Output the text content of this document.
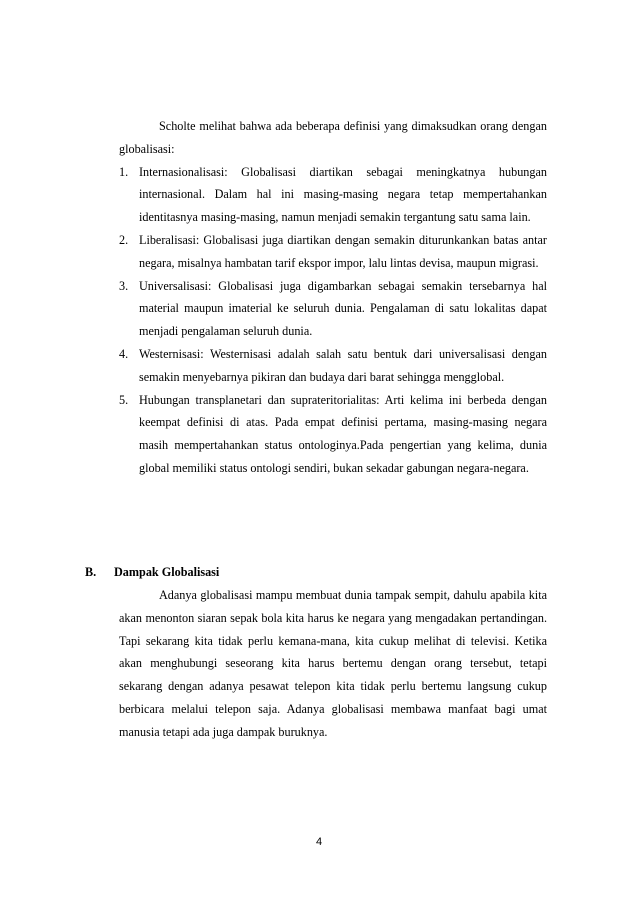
Scholte melihat bahwa ada beberapa definisi yang dimaksudkan orang dengan globalisasi:

1. Internasionalisasi: Globalisasi diartikan sebagai meningkatnya hubungan internasional. Dalam hal ini masing-masing negara tetap mempertahankan identitasnya masing-masing, namun menjadi semakin tergantung satu sama lain.
2. Liberalisasi: Globalisasi juga diartikan dengan semakin diturunkankan batas antar negara, misalnya hambatan tarif ekspor impor, lalu lintas devisa, maupun migrasi.
3. Universalisasi: Globalisasi juga digambarkan sebagai semakin tersebarnya hal material maupun imaterial ke seluruh dunia. Pengalaman di satu lokalitas dapat menjadi pengalaman seluruh dunia.
4. Westernisasi: Westernisasi adalah salah satu bentuk dari universalisasi dengan semakin menyebarnya pikiran dan budaya dari barat sehingga mengglobal.
5. Hubungan transplanetari dan suprateritorialitas: Arti kelima ini berbeda dengan keempat definisi di atas. Pada empat definisi pertama, masing-masing negara masih mempertahankan status ontologinya.Pada pengertian yang kelima, dunia global memiliki status ontologi sendiri, bukan sekadar gabungan negara-negara.
B. Dampak Globalisasi

Adanya globalisasi mampu membuat dunia tampak sempit, dahulu apabila kita akan menonton siaran sepak bola kita harus ke negara yang mengadakan pertandingan. Tapi sekarang kita tidak perlu kemana-mana, kita cukup melihat di televisi. Ketika akan menghubungi seseorang kita harus bertemu dengan orang tersebut, tetapi sekarang dengan adanya pesawat telepon kita tidak perlu bertemu langsung cukup berbicara melalui telepon saja. Adanya globalisasi membawa manfaat bagi umat manusia tetapi ada juga dampak buruknya.

4
